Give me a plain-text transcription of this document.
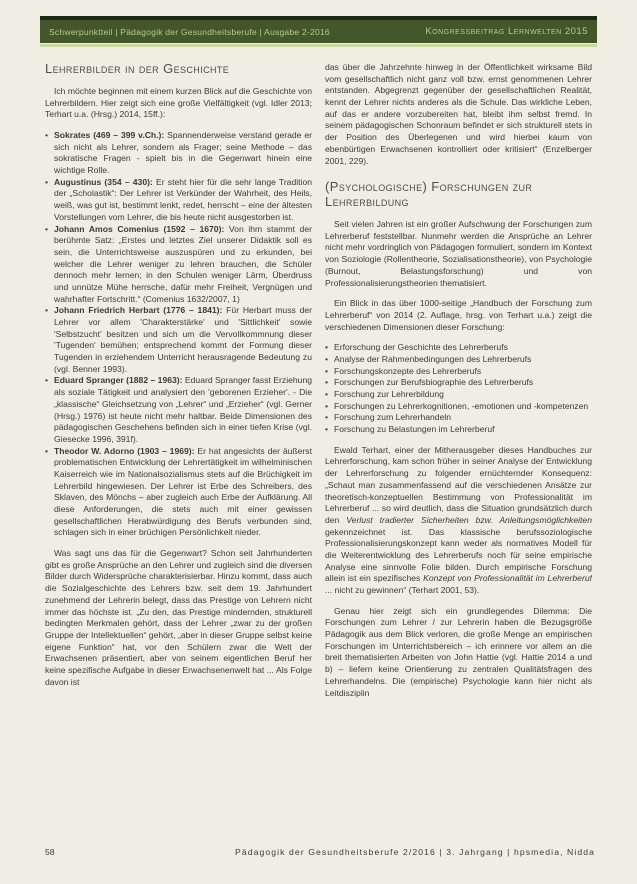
Schwerpunktteil | Pädagogik der Gesundheitsberufe | Ausgabe 2-2016	Kongressbeitrag Lernwelten 2015
Lehrerbilder in der Geschichte

Ich möchte beginnen mit einem kurzen Blick auf die Geschichte von Lehrerbildern. Hier zeigt sich eine große Vielfältigkeit (vgl. Idler 2013; Terhart u.a. (Hrsg.) 2014, 15ff.):

• Sokrates (469 – 399 v.Ch.): Spannenderweise verstand gerade er sich nicht als Lehrer, sondern als Frager; seine Methode – das sokratische Fragen - spielt bis in die Gegenwart hinein eine wichtige Rolle.
• Augustinus (354 – 430): Er steht hier für die sehr lange Tradition der „Scholastik“: Der Lehrer ist Verkünder der Wahrheit, des Heils, weiß, was gut ist, bestimmt lenkt, redet, herrscht – eine der ältesten Vorstellungen vom Lehrer, die bis heute nicht ausgestorben ist.
• Johann Amos Comenius (1592 – 1670): Von ihm stammt der berühmte Satz: „Erstes und letztes Ziel unserer Didaktik soll es sein, die Unterrichtsweise auszuspüren und zu erkunden, bei welcher die Lehrer weniger zu lehren brauchen, die Schüler dennoch mehr lernen; in den Schulen weniger Lärm, Überdruss und unnütze Mühe herrsche, dafür mehr Freiheit, Vergnügen und wahrhafter Fortschritt.“ (Comenius 1632/2007, 1)
• Johann Friedrich Herbart (1776 – 1841): Für Herbart muss der Lehrer vor allem 'Charakterstärke' und 'Sittlichkeit' sowie 'Selbstzucht' besitzen und sich um die Vervollkommnung dieser 'Tugenden' bemühen; entsprechend kommt der Formung dieser Tugenden in erziehendem Unterricht herausragende Bedeutung zu (vgl. Benner 1993).
• Eduard Spranger (1882 – 1963): Eduard Spranger fasst Erziehung als soziale Tätigkeit und analysiert den 'geborenen Erzieher'. - Die „klassische“ Gleichsetzung von „Lehrer“ und „Erzieher“ (vgl. Gerner (Hrsg.) 1976) ist heute nicht mehr haltbar. Beide Dimensionen des pädagogischen Geschehens befinden sich in einer tiefen Krise (vgl. Giesecke 1996, 391f).
• Theodor W. Adorno (1903 – 1969): Er hat angesichts der äußerst problematischen Entwicklung der Lehrertätigkeit im wilhelminischen Kaiserreich wie im Nationalsozialismus stets auf die Brüchigkeit im Lehrerbild hingewiesen. Der Lehrer ist Erbe des Schreibers, des Sklaven, des Mönchs – aber zugleich auch Erbe der Aufklärung. All diese Anforderungen, die stets auch mit einer gewissen gesellschaftlichen Herabwürdigung des Berufs verbunden sind, schlagen sich in einer brüchigen Persönlichkeit nieder.

Was sagt uns das für die Gegenwart? Schon seit Jahrhunderten gibt es große Ansprüche an den Lehrer und zugleich sind die diversen Bilder durch Widersprüche charakterisierbar. Hinzu kommt, dass auch die Sozialgeschichte des Lehrers bzw. seit dem 19. Jahrhundert zunehmend der Lehrerin belegt, dass das Prestige von Lehrern nicht immer das höchste ist. „Zu den, das Prestige mindernden, strukturell bedingten Merkmalen gehört, dass der Lehrer „zwar zu der großen Gruppe der Intellektuellen“ gehört, „aber in dieser Gruppe selbst keine eigene Funktion“ hat, vor den Schülern zwar die Welt der Erwachsenen präsentiert, aber von seinem eigentlichen Beruf her keine spezifische Aufgabe in dieser Erwachsenenwelt hat ... Als Folge davon ist

das über die Jahrzehnte hinweg in der Öffentlichkeit wirksame Bild vom gesellschaftlich nicht ganz voll bzw. ernst genommenen Lehrer entstanden. Abgegrenzt gegenüber der gesellschaftlichen Realität, kennt der Lehrer nichts anderes als die Schule. Das wirkliche Leben, auf das er andere vorzubereiten hat, bleibt ihm selbst fremd. In seinem pädagogischen Schonraum befindet er sich strukturell stets in der Position des Überlegenen und wird hierbei kaum von ebenbürtigen Erwachsenen kontrolliert oder kritisiert“ (Enzelberger 2001, 229).

(Psychologische) Forschungen zur Lehrerbildung

Seit vielen Jahren ist ein großer Aufschwung der Forschungen zum Lehrerberuf feststellbar. Nunmehr werden die Ansprüche an Lehrer nicht mehr vordringlich von Pädagogen formuliert, sondern im Kontext von Soziologie (Rollentheorie, Sozialisationstheorie), von Psychologie (Burnout, Belastungsforschung) und von Professionalisierungstheorien thematisiert.

Ein Blick in das über 1000-seitige „Handbuch der Forschung zum Lehrerberuf“ von 2014 (2. Auflage, hrsg. von Terhart u.a.) zeigt die verschiedenen Dimensionen dieser Forschung:

• Erforschung der Geschichte des Lehrerberufs
• Analyse der Rahmenbedingungen des Lehrerberufs
• Forschungskonzepte des Lehrerberufs
• Forschungen zur Berufsbiographie des Lehrerberufs
• Forschung zur Lehrerbildung
• Forschungen zu Lehrerkognitionen, -emotionen und -kompetenzen
• Forschung zum Lehrerhandeln
• Forschung zu Belastungen im Lehrerberuf

Ewald Terhart, einer der Mitherausgeber dieses Handbuches zur Lehrerforschung, kam schon früher in seiner Analyse der Entwicklung der Lehrerforschung zu folgender ernüchternder Konsequenz: „Schaut man zusammenfassend auf die verschiedenen Ansätze zur theoretisch-konzeptuellen Bestimmung von Professionalität im Lehrerberuf ... so wird deutlich, dass die Situation grundsätzlich durch den Verlust tradierter Sicherheiten bzw. Anleitungsmöglichkeiten gekennzeichnet ist. Das klassische berufssoziologische Professionalisierungskonzept kann weder als normatives Modell für die Weiterentwicklung des Lehrerberufs noch für seine empirische Analyse eine sinnvolle Folie bilden. Durch empirische Forschung allein ist ein spezifisches Konzept von Professionalität im Lehrerberuf ... nicht zu gewinnen“ (Terhart 2001, 53).

Genau hier zeigt sich ein grundlegendes Dilemma: Die Forschungen zum Lehrer / zur Lehrerin haben die Bezugsgröße Pädagogik aus dem Blick verloren, die große Menge an empirischen Forschungen im Unterrichtsbereich – ich erinnere vor allem an die breit thematisierten Arbeiten von John Hattie (vgl. Hattie 2014 a und b) – liefern keine Orientierung zu zentralen Qualitätsfragen des Lehrerhandelns. Die (empirische) Psychologie kann hier nicht als Leitdisziplin

58	Pädagogik der Gesundheitsberufe 2/2016 | 3. Jahrgang | hpsmedia, Nidda
